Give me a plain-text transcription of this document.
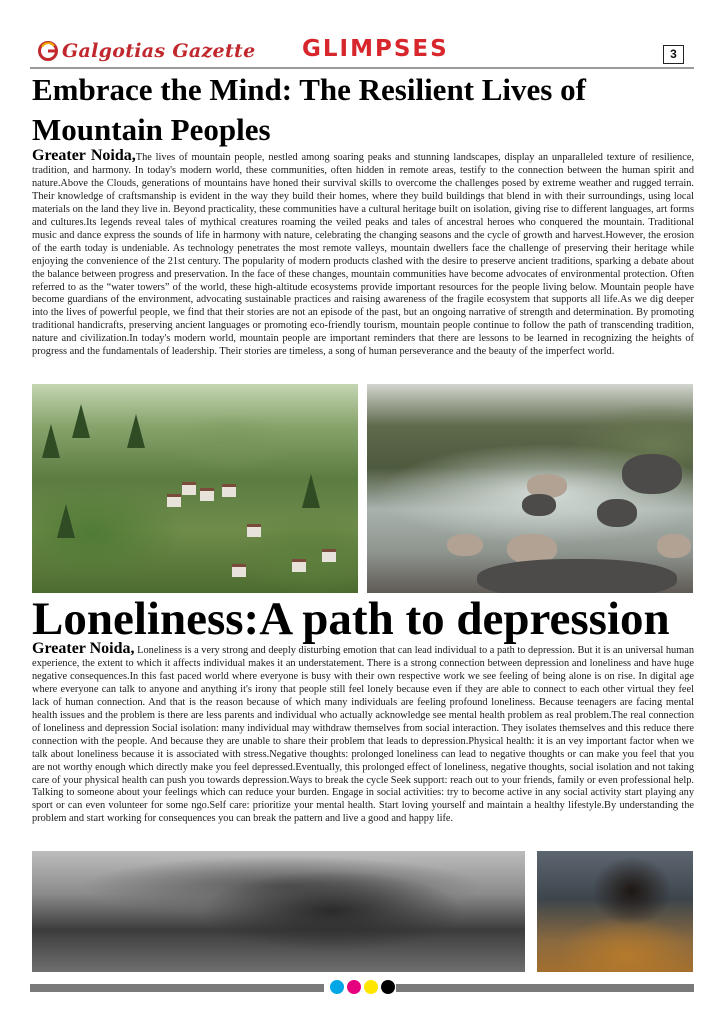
Galgotias Gazette GLIMPSES	3
Embrace the Mind: The Resilient Lives of Mountain Peoples

Greater Noida,The lives of mountain people, nestled among soaring peaks and stunning landscapes, display an unparalleled texture of resilience, tradition, and harmony. In today's modern world, these communities, often hidden in remote areas, testify to the connection between the human spirit and nature.Above the Clouds, generations of mountains have honed their survival skills to overcome the challenges posed by extreme weather and rugged terrain. Their knowledge of craftsmanship is evident in the way they build their homes, where they build buildings that blend in with their surroundings, using local materials on the land they live in. Beyond practicality, these communities have a cultural heritage built on isolation, giving rise to different languages, art forms and cultures.Its legends reveal tales of mythical creatures roaming the veiled peaks and tales of ancestral heroes who conquered the mountain. Traditional music and dance express the sounds of life in harmony with nature, celebrating the changing seasons and the cycle of growth and harvest.However, the erosion of the earth today is undeniable. As technology penetrates the most remote valleys, mountain dwellers face the challenge of preserving their heritage while enjoying the convenience of the 21st century. The popularity of modern products clashed with the desire to preserve ancient traditions, sparking a debate about the balance between progress and preservation. In the face of these changes, mountain communities have become advocates of environmental protection. Often referred to as the “water towers” of the world, these high-altitude ecosystems provide important resources for the people living below. Mountain people have become guardians of the environment, advocating sustainable practices and raising awareness of the fragile ecosystem that supports all life.As we dig deeper into the lives of powerful people, we find that their stories are not an episode of the past, but an ongoing narrative of strength and determination. By promoting traditional handicrafts, preserving ancient languages or promoting eco-friendly tourism, mountain people continue to follow the path of transcending tradition, nature and civilization.In today's modern world, mountain people are important reminders that there are lessons to be learned in recognizing the heights of progress and the fundamentals of leadership. Their stories are timeless, a song of human perseverance and the beauty of the imperfect world.

Loneliness:A path to depression

Greater Noida, Loneliness is a very strong and deeply disturbing emotion that can lead individual to a path to depression. But it is an universal human experience, the extent to which it affects individual makes it an understatement. There is a strong connection between depression and loneliness and have huge negative consequences.In this fast paced world where everyone is busy with their own respective work we see feeling of being alone is on rise. In digital age where everyone can talk to anyone and anything it's irony that people still feel lonely because even if they are able to connect to each other virtual they feel lack of human connection. And that is the reason because of which many individuals are feeling profound loneliness. Because teenagers are facing mental health issues and the problem is there are less parents and individual who actually acknowledge see mental health problem as real problem.The real connection of loneliness and depression Social isolation: many individual may withdraw themselves from social interaction. They isolates themselves and this reduce there connection with the people. And because they are unable to share their problem that leads to depression.Physical health: it is an vey important factor when we talk about loneliness because it is associated with stress.Negative thoughts: prolonged loneliness can lead to negative thoughts or can make you feel that you are not worthy enough which directly make you feel depressed.Eventually, this prolonged effect of loneliness, negative thoughts, social isolation and not taking care of your physical health can push you towards depression.Ways to break the cycle Seek support: reach out to your friends, family or even professional help. Talking to someone about your feelings which can reduce your burden. Engage in social activities: try to become active in any social activity start playing any sport or can even volunteer for some ngo.Self care: prioritize your mental health. Start loving yourself and maintain a healthy lifestyle.By understanding the problem and start working for consequences you can break the pattern and live a good and happy life.
